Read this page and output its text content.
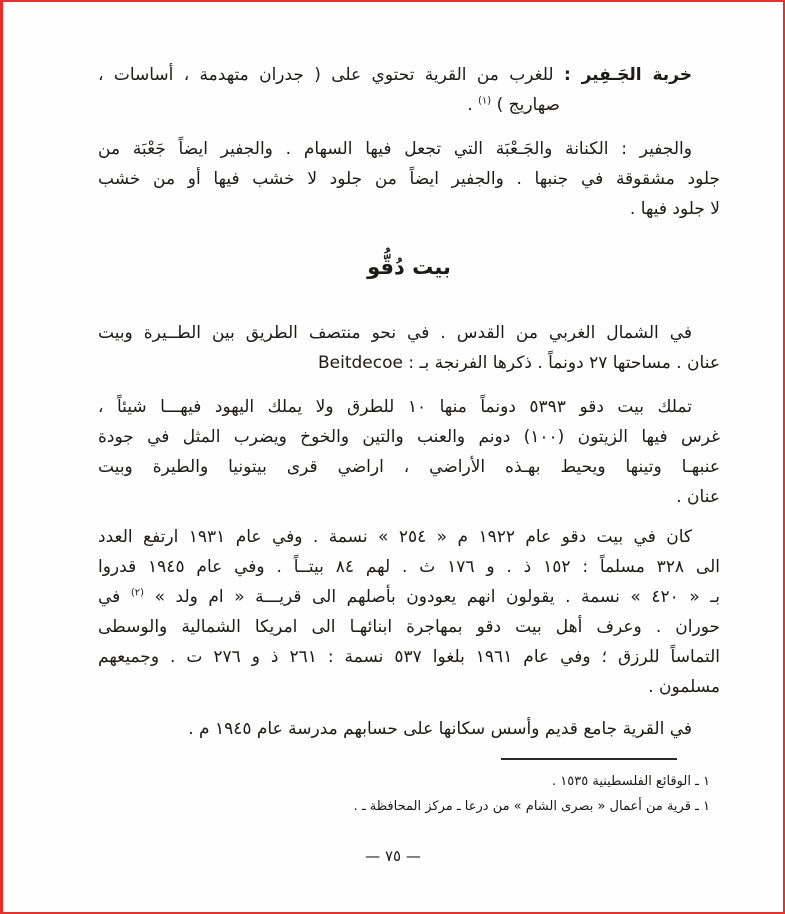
خربة الجَـفِير : للغرب من القرية تحتوي على ( جدران متهدمة ، أساسات ،
صهاريج ) $^{(١)}$ .
والجفير : الكنانة والجَـعْبَة التي تجعل فيها السهام . والجفير ايضاً جَعْبَة من
جلود مشقوقة في جنبها . والجفير ايضاً من جلود لا خشب فيها أو من خشب
لا جلود فيها .
بيت دُقُّو
في الشمال الغربي من القدس . في نحو منتصف الطريق بين الطــيرة وبيت
عنان . مساحتها ٢٧ دونماً . ذكرها الفرنجة بـ : Beitdecoe
تملك بيت دقو ٥٣٩٣ دونماً منها ١٠ للطرق ولا يملك اليهود فيهـــا شيئاً ،
غرس فيها الزيتون (١٠٠) دونم والعنب والتين والخوخ ويضرب المثل في جودة
عنبهـا وتينها ويحيط بهـذه الأراضي ، اراضي قرى بيتونيا والطيرة وبيت
عنان .
كان في بيت دقو عام ١٩٢٢ م « ٢٥٤ » نسمة . وفي عام ١٩٣١ ارتفع العدد
الى ٣٢٨ مسلماً : ١٥٢ ذ . و ١٧٦ ث . لهم ٨٤ بيتــاً . وفي عام ١٩٤٥ قدروا
بـ « ٤٢٠ » نسمة . يقولون انهم يعودون بأصلهم الى قريـــة « ام ولد » $^{(٢)}$ في
حوران . وعرف أهل بيت دقو بمهاجرة ابنائهـا الى امريكا الشمالية والوسطى
التماساً للرزق ؛ وفي عام ١٩٦١ بلغوا ٥٣٧ نسمة : ٢٦١ ذ و ٢٧٦ ت . وجميعهم
مسلمون .
في القرية جامع قديم وأسس سكانها على حسابهم مدرسة عام ١٩٤٥ م .
١ ـ الوقائع الفلسطينية ١٥٣٥ .
١ ـ قرية من أعمال « بصرى الشام » من درعا ـ مركز المحافظة ـ .
— ٧٥ —
